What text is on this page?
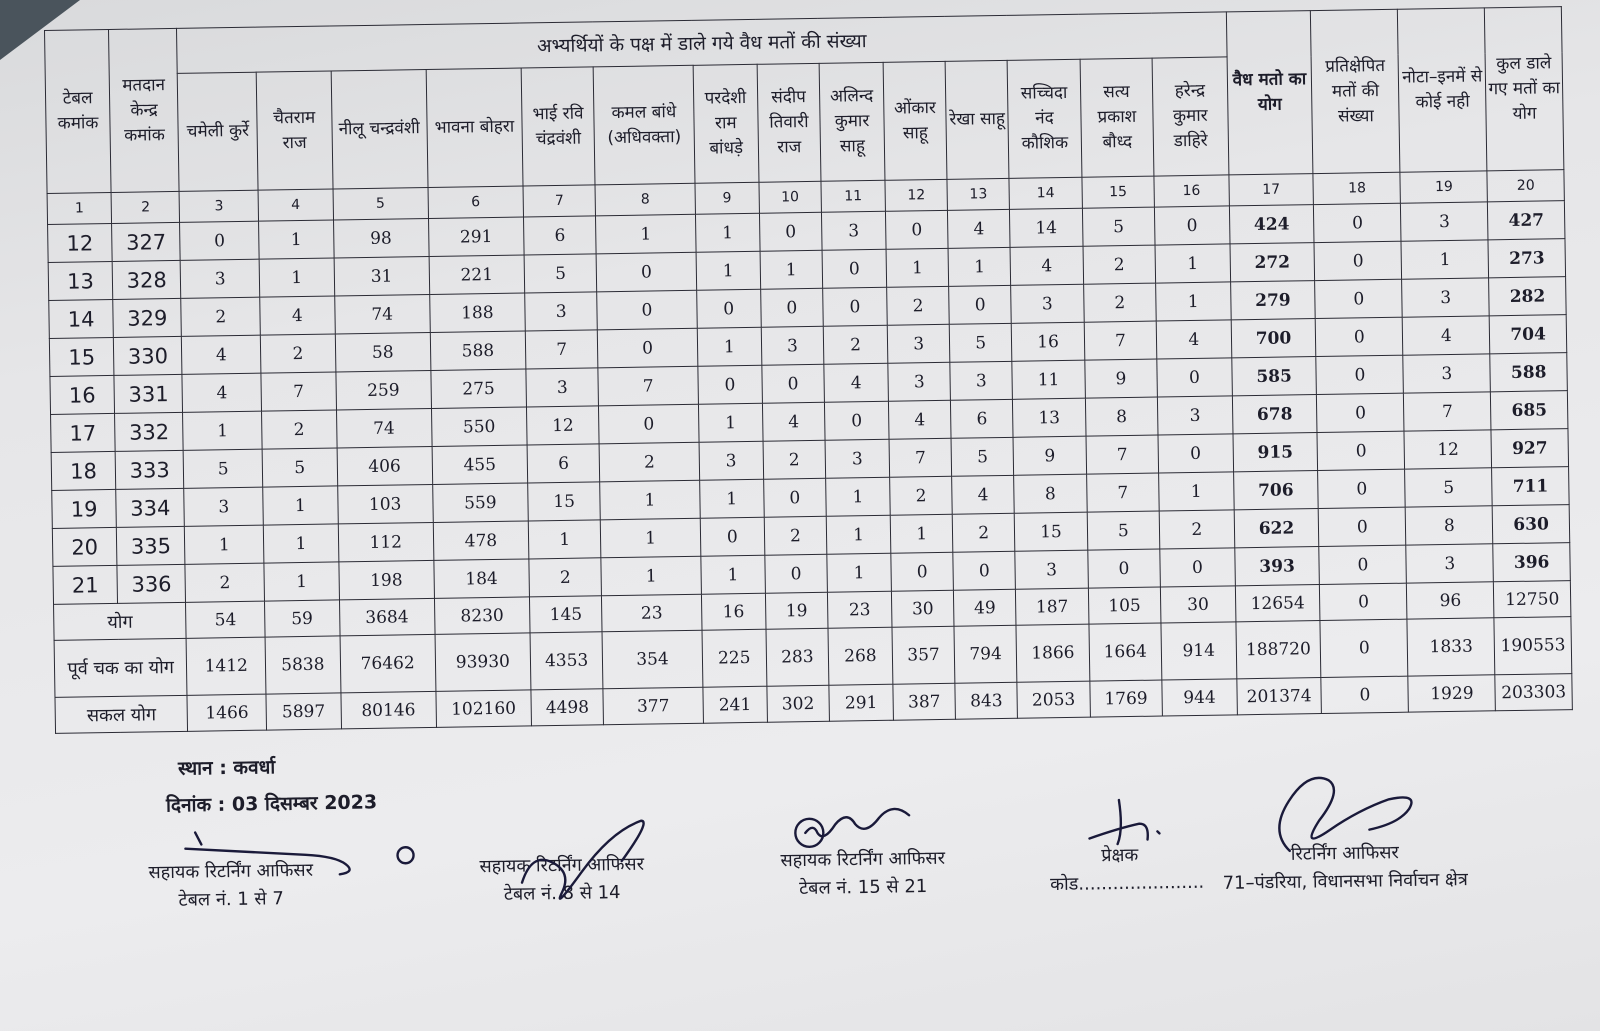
टेबल कमांक	मतदान केन्द्र कमांक	अभ्यर्थियों के पक्ष में डाले गये वैध मतों की संख्या														वैध मतो का योग	प्रतिक्षेपित मतों की संख्या	नोटा–इनमें से कोई नही	कुल डाले गए मतों का योग
		चमेली कुर्रे	चैतराम राज	नीलू चन्द्रवंशी	भावना बोहरा	भाई रवि चंद्रवंशी	कमल बांधे (अधिवक्ता)	परदेशी राम बांधड़े	संदीप तिवारी राज	अलिन्द कुमार साहू	ओंकार साहू	रेखा साहू	सच्चिदा नंद कौशिक	सत्य प्रकाश बौध्द	हरेन्द्र कुमार डाहिरे				
1	2	3	4	5	6	7	8	9	10	11	12	13	14	15	16	17	18	19	20
12	327	0	1	98	291	6	1	1	0	3	0	4	14	5	0	424	0	3	427
13	328	3	1	31	221	5	0	1	1	0	1	1	4	2	1	272	0	1	273
14	329	2	4	74	188	3	0	0	0	0	2	0	3	2	1	279	0	3	282
15	330	4	2	58	588	7	0	1	3	2	3	5	16	7	4	700	0	4	704
16	331	4	7	259	275	3	7	0	0	4	3	3	11	9	0	585	0	3	588
17	332	1	2	74	550	12	0	1	4	0	4	6	13	8	3	678	0	7	685
18	333	5	5	406	455	6	2	3	2	3	7	5	9	7	0	915	0	12	927
19	334	3	1	103	559	15	1	1	0	1	2	4	8	7	1	706	0	5	711
20	335	1	1	112	478	1	1	0	2	1	1	2	15	5	2	622	0	8	630
21	336	2	1	198	184	2	1	1	0	1	0	0	3	0	0	393	0	3	396
योग		54	59	3684	8230	145	23	16	19	23	30	49	187	105	30	12654	0	96	12750
पूर्व चक का योग		1412	5838	76462	93930	4353	354	225	283	268	357	794	1866	1664	914	188720	0	1833	190553
सकल योग		1466	5897	80146	102160	4498	377	241	302	291	387	843	2053	1769	944	201374	0	1929	203303
स्थान : कवर्धा
दिनांक : 03 दिसम्बर 2023
सहायक रिटर्निंग आफिसर
टेबल नं. 1 से 7
सहायक रिटर्निंग आफिसर
टेबल नं. 8 से 14
सहायक रिटर्निंग आफिसर
टेबल नं. 15 से 21
प्रेक्षक
कोड......................
रिटर्निंग आफिसर
71–पंडरिया, विधानसभा निर्वाचन क्षेत्र
